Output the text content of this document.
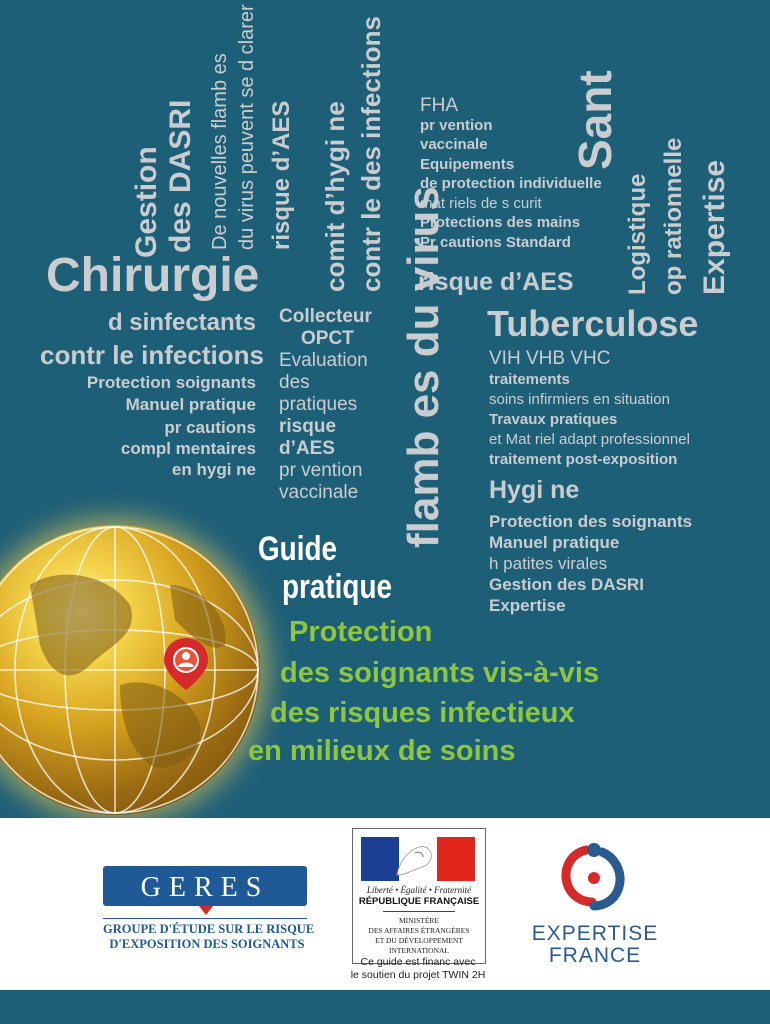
Gestion des DASRI De nouvelles flamb es du virus peuvent se d clarer risque d’AES comit d’hygi ne contr le des infections	Sant
Logistique op rationnelle Expertise
flamb es du virus
Chirurgie	risque d’AES
Tuberculose
FHA
pr vention
vaccinale
Equipements
de protection individuelle
mat riels de s curit
Protections des mains
Pr cautions Standard
d sinfectants
contr le infections
Protection soignants
Manuel pratique
pr cautions
compl mentaires
en hygi ne
Collecteur
OPCT
Evaluation
des
pratiques
risque
d’AES
pr vention
vaccinale
VIH VHB VHC
traitements
soins infirmiers en situation
Travaux pratiques
et Mat riel adapt professionnel
traitement post-exposition
Hygi ne
Protection des soignants
Manuel pratique
h patites virales
Gestion des DASRI
Expertise
Guide
pratique
Protection
des soignants vis-à-vis
des risques infectieux
en milieux de soins
GERES
GROUPE D'ÉTUDE SUR LE RISQUE
D'EXPOSITION DES SOIGNANTS
Liberté • Égalité • Fraternité
RÉPUBLIQUE FRANÇAISE
MINISTÈRE
DES AFFAIRES ÉTRANGÈRES
ET DU DÉVELOPPEMENT
INTERNATIONAL
Ce guide est financ avec
le soutien du projet TWIN 2H
EXPERTISE
FRANCE
